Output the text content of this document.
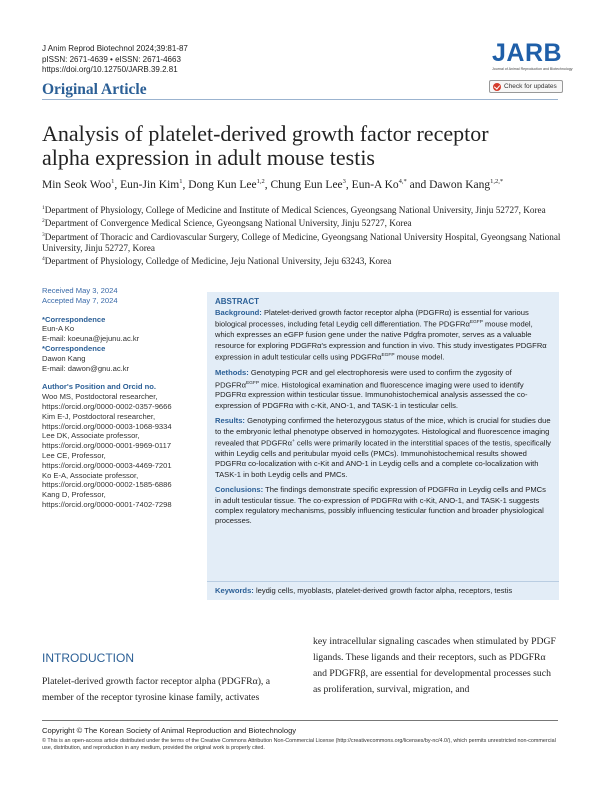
J Anim Reprod Biotechnol 2024;39:81-87
pISSN: 2671-4639 • eISSN: 2671-4663
https://doi.org/10.12750/JARB.39.2.81
Original Article
JARB
Journal of Animal Reproduction and Biotechnology
Check for updates
Analysis of platelet-derived growth factor receptor
alpha expression in adult mouse testis
Min Seok Woo$^1$, Eun-Jin Kim$^1$, Dong Kun Lee$^{1,2}$, Chung Eun Lee$^3$, Eun-A $Ko^{4,*}$ and Dawon Kang$^{1,2,*}$
$^1$Department of Physiology, College of Medicine and Institute of Medical Sciences, Gyeongsang National University, Jinju 52727, Korea
$^2$Department of Convergence Medical Science, Gyeongsang National University, Jinju 52727, Korea
$^3$Department of Thoracic and Cardiovascular Surgery, College of Medicine, Gyeongsang National University Hospital, Gyeongsang National University, Jinju 52727, Korea
$^4$Department of Physiology, Colledge of Medicine, Jeju National University, Jeju 63243, Korea
Received May 3, 2024
Accepted May 7, 2024
*Correspondence
Eun-A Ko
E-mail: koeuna@jejunu.ac.kr
*Correspondence
Dawon Kang
E-mail: dawon@gnu.ac.kr
Author's Position and Orcid no.
Woo MS, Postdoctoral researcher,
https://orcid.org/0000-0002-0357-9666
Kim E-J, Postdoctoral researcher,
https://orcid.org/0000-0003-1068-9334
Lee DK, Associate professor,
https://orcid.org/0000-0001-9969-0117
Lee CE, Professor,
https://orcid.org/0000-0003-4469-7201
Ko E-A, Associate professor,
https://orcid.org/0000-0002-1585-6886
Kang D, Professor,
https://orcid.org/0000-0001-7402-7298
ABSTRACT

Background: Platelet-derived growth factor receptor alpha (PDGFRα) is essential for various biological processes, including fetal Leydig cell differentiation. The PDGFRα$^{EGFP}$ mouse model, which expresses an eGFP fusion gene under the native Pdgfra promoter, serves as a valuable resource for exploring PDGFRα's expression and function in vivo. This study investigates PDGFRα expression in adult testicular cells using PDGFRα$^{EGFP}$ mouse model.

Methods: Genotyping PCR and gel electrophoresis were used to confirm the zygosity of PDGFRα$^{EGFP}$ mice. Histological examination and fluorescence imaging were used to identify PDGFRα expression within testicular tissue. Immunohistochemical analysis assessed the co-expression of PDGFRα with c-Kit, ANO-1, and TASK-1 in testicular cells.

Results: Genotyping confirmed the heterozygous status of the mice, which is crucial for studies due to the embryonic lethal phenotype observed in homozygotes. Histological and fluorescence imaging revealed that PDGFRα+ cells were primarily located in the interstitial spaces of the testis, specifically within Leydig cells and peritubular myoid cells (PMCs). Immunohistochemical results showed PDGFRα co-localization with c-Kit and ANO-1 in Leydig cells and a complete co-localization with TASK-1 in both Leydig cells and PMCs.

Conclusions: The findings demonstrate specific expression of PDGFRα in Leydig cells and PMCs in adult testicular tissue. The co-expression of PDGFRα with c-Kit, ANO-1, and TASK-1 suggests complex regulatory mechanisms, possibly influencing testicular function and broader physiological processes.

Keywords: leydig cells, myoblasts, platelet-derived growth factor alpha, receptors, testis
INTRODUCTION
Platelet-derived growth factor receptor alpha (PDGFRα), a member of the receptor tyrosine kinase family, activates
key intracellular signaling cascades when stimulated by PDGF ligands. These ligands and their receptors, such as PDGFRα and PDGFRβ, are essential for developmental processes such as proliferation, survival, migration, and
Copyright © The Korean Society of Animal Reproduction and Biotechnology
© This is an open-access article distributed under the terms of the Creative Commons Attribution Non-Commercial License (http://creativecommons.org/licenses/by-nc/4.0/), which permits unrestricted non-commercial use, distribution, and reproduction in any medium, provided the original work is properly cited.
